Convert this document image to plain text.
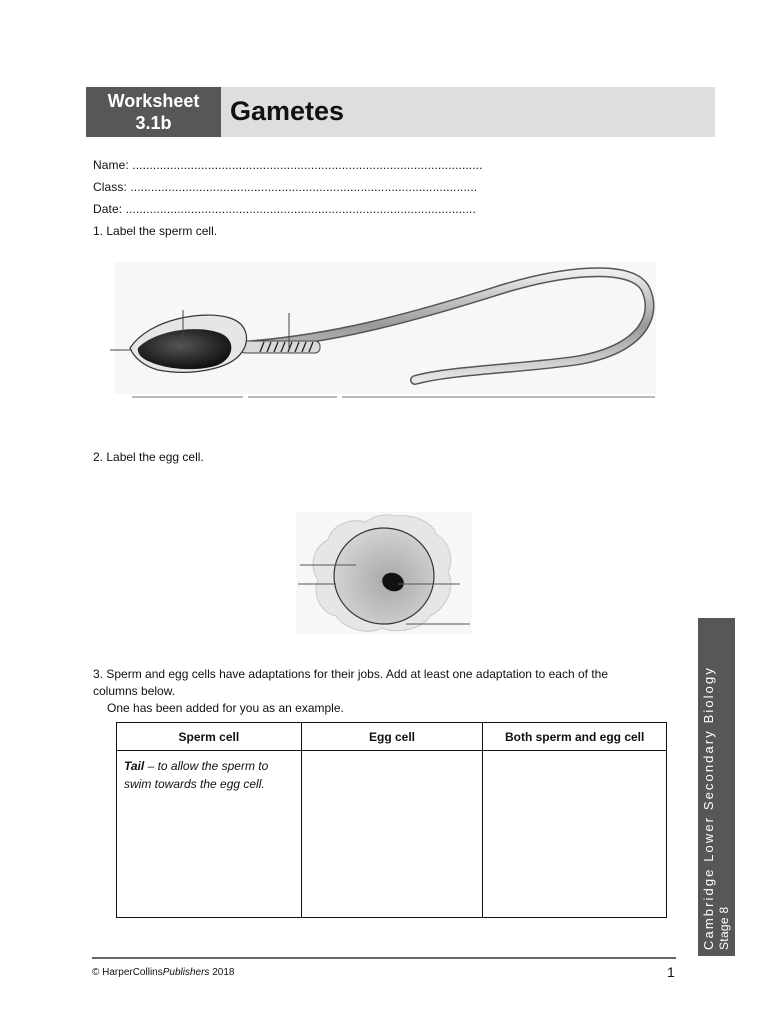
Worksheet
3.1b	Gametes
Name: ......................................................................................................
Class: .....................................................................................................
Date: ......................................................................................................
1. Label the sperm cell.
2. Label the egg cell.
3. Sperm and egg cells have adaptations for their jobs. Add at least one adaptation to each of the
columns below.
One has been added for you as an example.
Sperm cell	Egg cell	Both sperm and egg cell
Tail – to allow the sperm to swim towards the egg cell.			Cambridge Lower Secondary Biology Stage 8
© HarperCollinsPublishers 2018	1
